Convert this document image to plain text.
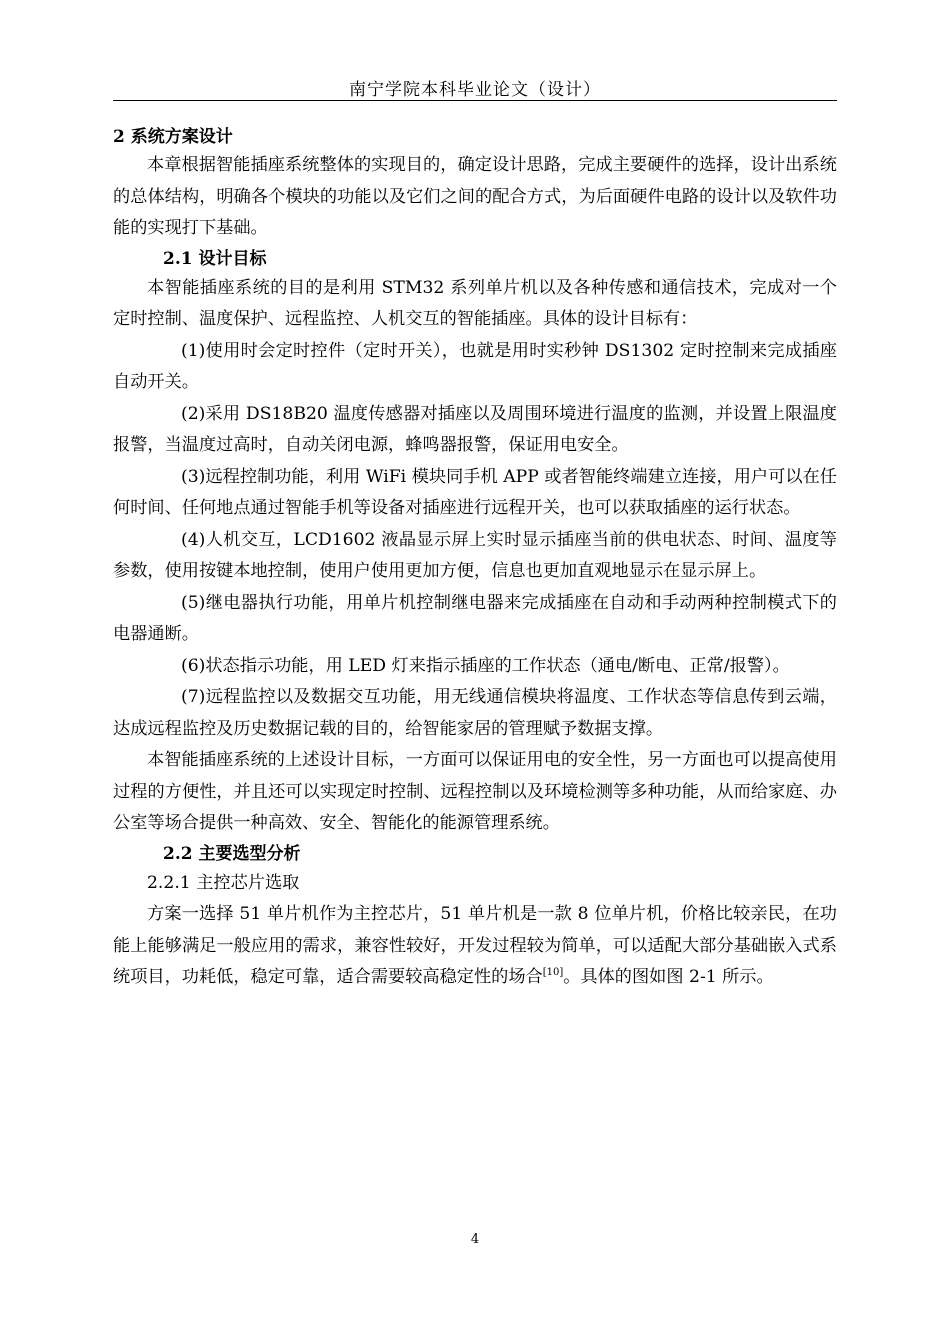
南宁学院本科毕业论文（设计）

2 系统方案设计

本章根据智能插座系统整体的实现目的，确定设计思路，完成主要硬件的选择，设计出系统的总体结构，明确各个模块的功能以及它们之间的配合方式，为后面硬件电路的设计以及软件功能的实现打下基础。

2.1 设计目标

本智能插座系统的目的是利用 STM32 系列单片机以及各种传感和通信技术，完成对一个定时控制、温度保护、远程监控、人机交互的智能插座。具体的设计目标有：

(1)使用时会定时控件（定时开关），也就是用时实秒钟 DS1302 定时控制来完成插座自动开关。

(2)采用 DS18B20 温度传感器对插座以及周围环境进行温度的监测，并设置上限温度报警，当温度过高时，自动关闭电源，蜂鸣器报警，保证用电安全。

(3)远程控制功能，利用 WiFi 模块同手机 APP 或者智能终端建立连接，用户可以在任何时间、任何地点通过智能手机等设备对插座进行远程开关，也可以获取插座的运行状态。

(4)人机交互，LCD1602 液晶显示屏上实时显示插座当前的供电状态、时间、温度等参数，使用按键本地控制，使用户使用更加方便，信息也更加直观地显示在显示屏上。

(5)继电器执行功能，用单片机控制继电器来完成插座在自动和手动两种控制模式下的电器通断。

(6)状态指示功能，用 LED 灯来指示插座的工作状态（通电/断电、正常/报警）。

(7)远程监控以及数据交互功能，用无线通信模块将温度、工作状态等信息传到云端，达成远程监控及历史数据记载的目的，给智能家居的管理赋予数据支撑。

本智能插座系统的上述设计目标，一方面可以保证用电的安全性，另一方面也可以提高使用过程的方便性，并且还可以实现定时控制、远程控制以及环境检测等多种功能，从而给家庭、办公室等场合提供一种高效、安全、智能化的能源管理系统。

2.2 主要选型分析

2.2.1 主控芯片选取

方案一选择 51 单片机作为主控芯片，51 单片机是一款 8 位单片机，价格比较亲民，在功能上能够满足一般应用的需求，兼容性较好，开发过程较为简单，可以适配大部分基础嵌入式系统项目，功耗低，稳定可靠，适合需要较高稳定性的场合[10]。具体的图如图 2-1 所示。

4
